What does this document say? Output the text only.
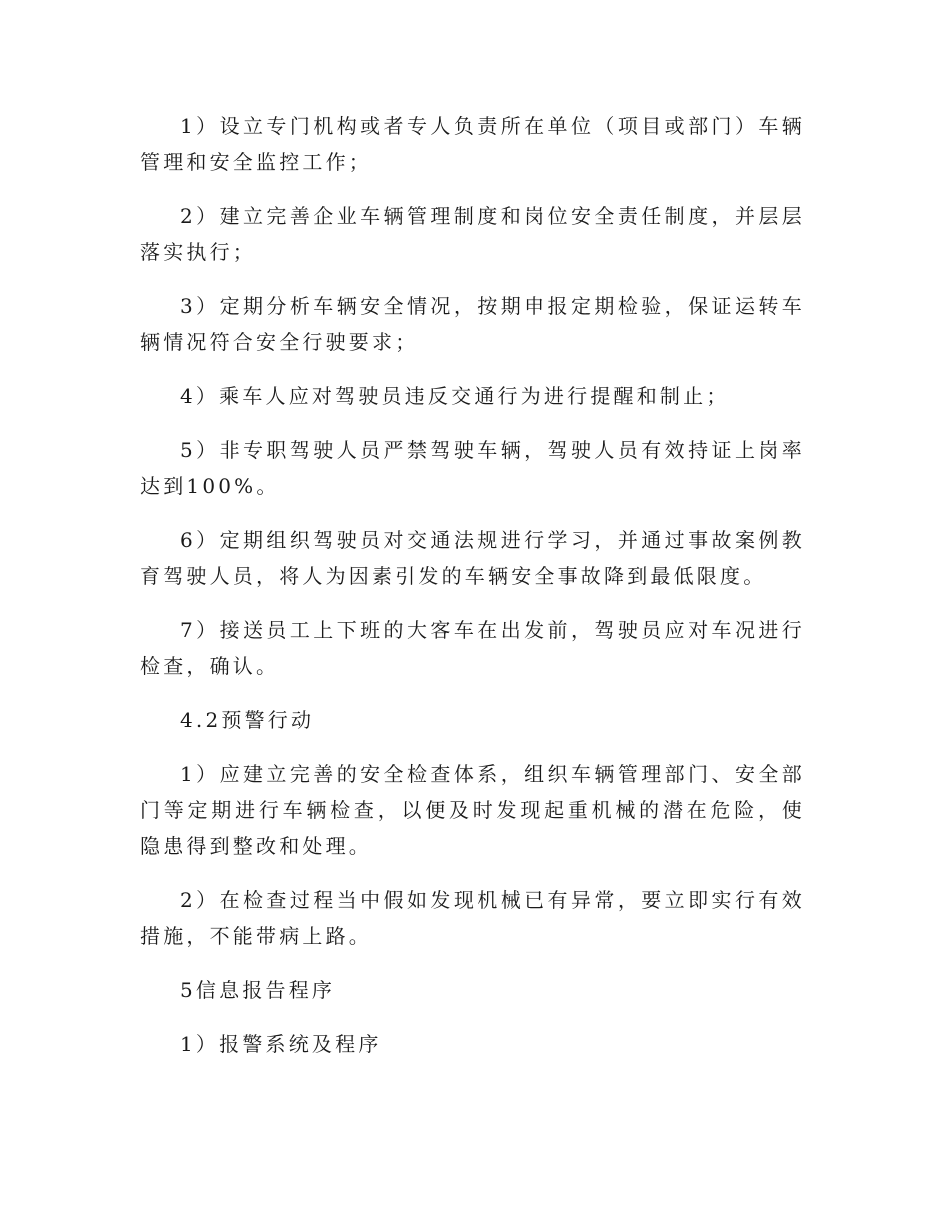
1）设立专门机构或者专人负责所在单位（项目或部门）车辆管理和安全监控工作；

2）建立完善企业车辆管理制度和岗位安全责任制度，并层层落实执行；

3）定期分析车辆安全情况，按期申报定期检验，保证运转车辆情况符合安全行驶要求；

4）乘车人应对驾驶员违反交通行为进行提醒和制止；

5）非专职驾驶人员严禁驾驶车辆，驾驶人员有效持证上岗率达到100%。

6）定期组织驾驶员对交通法规进行学习，并通过事故案例教育驾驶人员，将人为因素引发的车辆安全事故降到最低限度。

7）接送员工上下班的大客车在出发前，驾驶员应对车况进行检查，确认。

4.2预警行动

1）应建立完善的安全检查体系，组织车辆管理部门、安全部门等定期进行车辆检查，以便及时发现起重机械的潜在危险，使隐患得到整改和处理。

2）在检查过程当中假如发现机械已有异常，要立即实行有效措施，不能带病上路。

5信息报告程序

1）报警系统及程序
